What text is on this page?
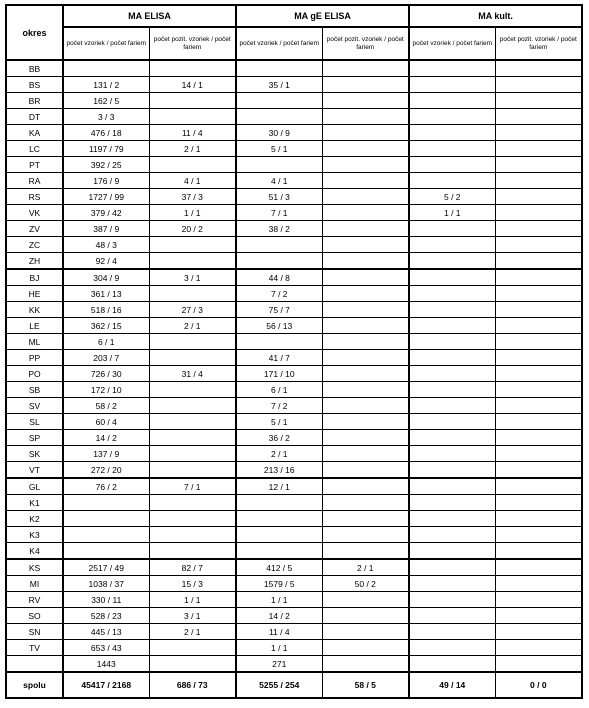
okres	MA ELISA		MA gE ELISA		MA kult.	
	počet vzoriek / počet fariem	počet pozit. vzoriek / počet fariem	počet vzoriek / počet fariem	počet pozit. vzoriek / počet fariem	počet vzoriek / počet fariem	počet pozit. vzoriek / počet fariem
BB						
BS	131 / 2	14 / 1	35 / 1			
BR	162 / 5					
DT	3 / 3					
KA	476 / 18	11 / 4	30 / 9			
LC	1197 / 79	2 / 1	5 / 1			
PT	392 / 25					
RA	176 / 9	4 / 1	4 / 1			
RS	1727 / 99	37 / 3	51 / 3		5 / 2	
VK	379 / 42	1 / 1	7 / 1		1 / 1	
ZV	387 / 9	20 / 2	38 / 2			
ZC	48 / 3					
ZH	92 / 4					
BJ	304 / 9	3 / 1	44 / 8			
HE	361 / 13		7 / 2			
KK	518 / 16	27 / 3	75 / 7			
LE	362 / 15	2 / 1	56 / 13			
ML	6 / 1					
PP	203 / 7		41 / 7			
PO	726 / 30	31 / 4	171 / 10			
SB	172 / 10		6 / 1			
SV	58 / 2		7 / 2			
SL	60 / 4		5 / 1			
SP	14 / 2		36 / 2			
SK	137 / 9		2 / 1			
VT	272 / 20		213 / 16			
GL	76 / 2	7 / 1	12 / 1			
K1						
K2						
K3						
K4						
KS	2517 / 49	82 / 7	412 / 5	2 / 1		
MI	1038 / 37	15 / 3	1579 / 5	50 / 2		
RV	330 / 11	1 / 1	1 / 1			
SO	528 / 23	3 / 1	14 / 2			
SN	445 / 13	2 / 1	11 / 4			
TV	653 / 43		1 / 1			
	1443		271			
spolu	45417 / 2168	686 / 73	5255 / 254	58 / 5	49 / 14	0 / 0
